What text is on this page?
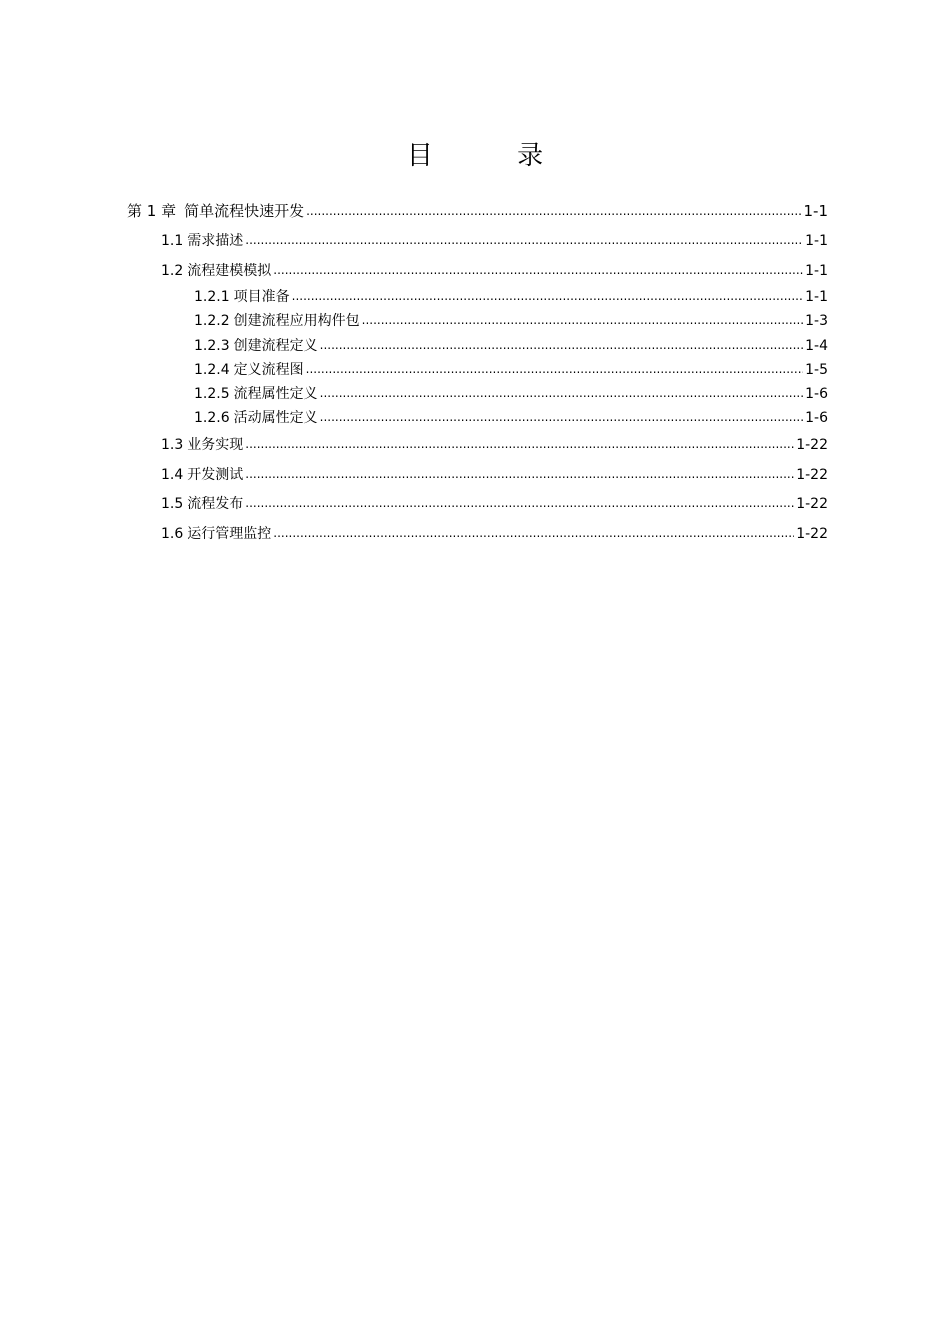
目 录
第 1 章 简单流程快速开发 .....	1-1
1.1 需求描述 .....	1-1
1.2 流程建模模拟 .....	1-1
1.2.1 项目准备 .....	1-1
1.2.2 创建流程应用构件包 .....	1-3
1.2.3 创建流程定义 .....	1-4
1.2.4 定义流程图 .....	1-5
1.2.5 流程属性定义 .....	1-6
1.2.6 活动属性定义 .....	1-6
1.3 业务实现 .....	1-22
1.4 开发测试 .....	1-22
1.5 流程发布 .....	1-22
1.6 运行管理监控 .....	1-22
